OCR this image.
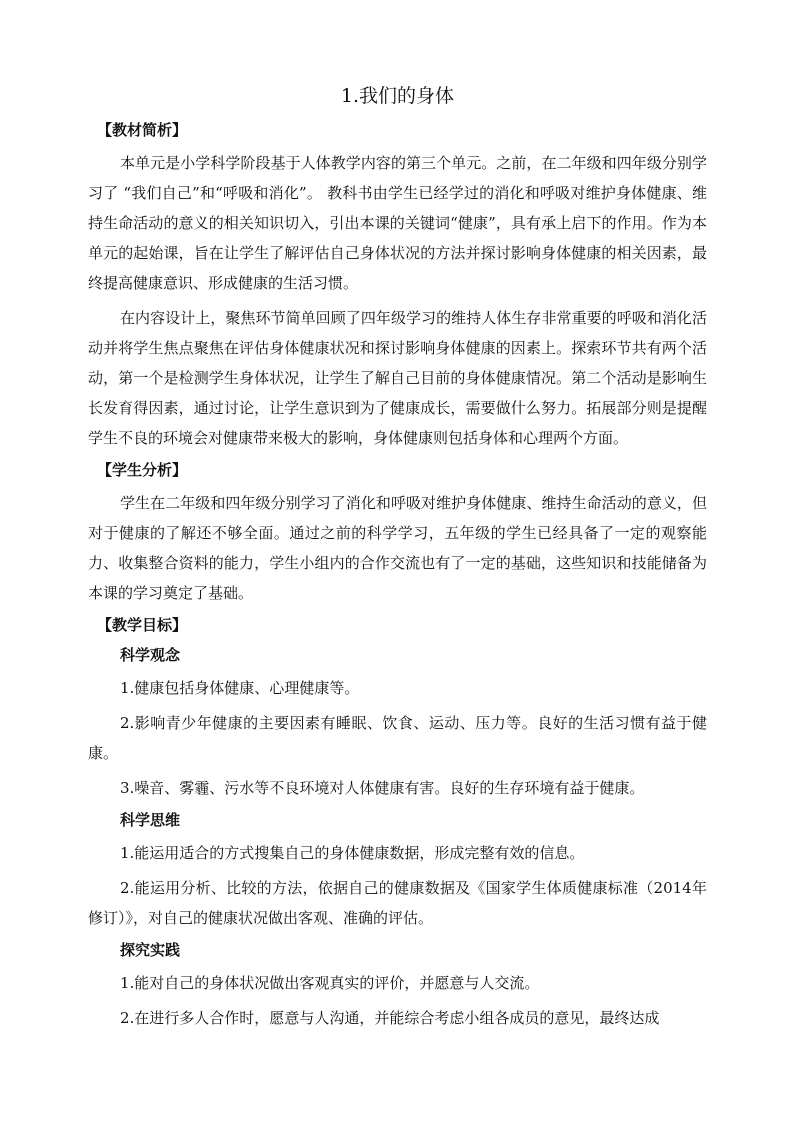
1.我们的身体
【教材简析】

本单元是小学科学阶段基于人体教学内容的第三个单元。之前，在二年级和四年级分别学习了 “我们自己”和“呼吸和消化”。 教科书由学生已经学过的消化和呼吸对维护身体健康、维持生命活动的意义的相关知识切入，引出本课的关键词“健康”，具有承上启下的作用。作为本单元的起始课，旨在让学生了解评估自己身体状况的方法并探讨影响身体健康的相关因素，最终提高健康意识、形成健康的生活习惯。

在内容设计上，聚焦环节简单回顾了四年级学习的维持人体生存非常重要的呼吸和消化活动并将学生焦点聚焦在评估身体健康状况和探讨影响身体健康的因素上。探索环节共有两个活动，第一个是检测学生身体状况，让学生了解自己目前的身体健康情况。第二个活动是影响生长发育得因素，通过讨论，让学生意识到为了健康成长，需要做什么努力。拓展部分则是提醒学生不良的环境会对健康带来极大的影响，身体健康则包括身体和心理两个方面。

【学生分析】

学生在二年级和四年级分别学习了消化和呼吸对维护身体健康、维持生命活动的意义，但对于健康的了解还不够全面。通过之前的科学学习，五年级的学生已经具备了一定的观察能力、收集整合资料的能力，学生小组内的合作交流也有了一定的基础，这些知识和技能储备为本课的学习奠定了基础。

【教学目标】
科学观念

1.健康包括身体健康、心理健康等。

2.影响青少年健康的主要因素有睡眠、饮食、运动、压力等。良好的生活习惯有益于健康。

3.噪音、雾霾、污水等不良环境对人体健康有害。良好的生存环境有益于健康。

科学思维

1.能运用适合的方式搜集自己的身体健康数据，形成完整有效的信息。

2.能运用分析、比较的方法，依据自己的健康数据及《国家学生体质健康标准（2014年修订）》，对自己的健康状况做出客观、准确的评估。

探究实践

1.能对自己的身体状况做出客观真实的评价，并愿意与人交流。

2.在进行多人合作时，愿意与人沟通，并能综合考虑小组各成员的意见，最终达成
